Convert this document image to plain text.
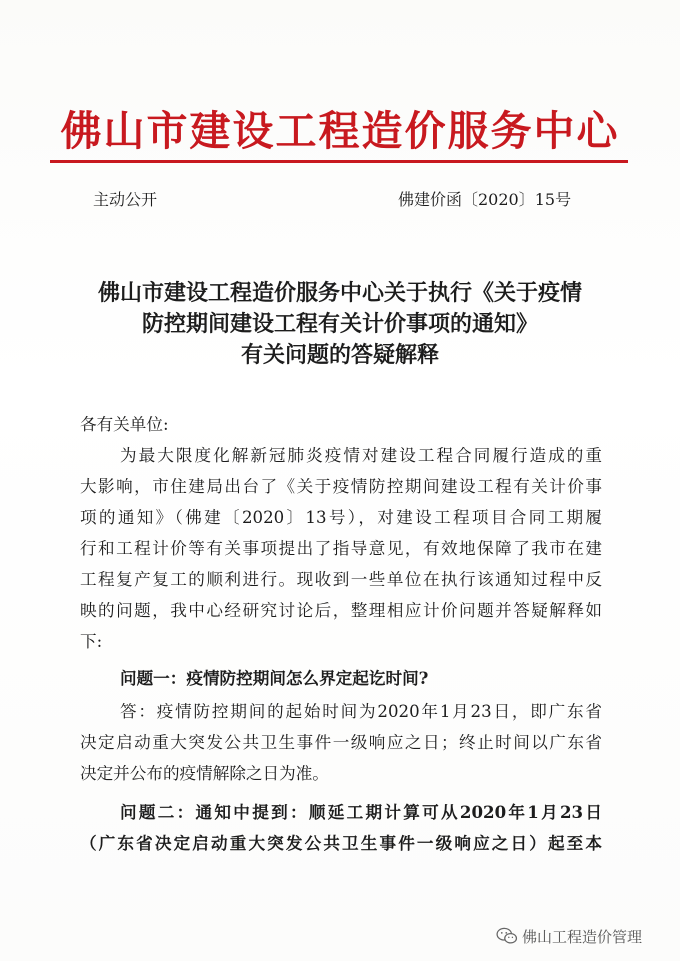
佛山市建设工程造价服务中心
主动公开	佛建价函〔2020〕15号
佛山市建设工程造价服务中心关于执行《关于疫情
防控期间建设工程有关计价事项的通知》
有关问题的答疑解释
各有关单位:
为最大限度化解新冠肺炎疫情对建设工程合同履行造成的重
大影响，市住建局出台了《关于疫情防控期间建设工程有关计价事
项的通知》（佛建〔2020〕13号），对建设工程项目合同工期履
行和工程计价等有关事项提出了指导意见，有效地保障了我市在建
工程复产复工的顺利进行。现收到一些单位在执行该通知过程中反
映的问题，我中心经研究讨论后，整理相应计价问题并答疑解释如
下:
问题一：疫情防控期间怎么界定起讫时间?
答：疫情防控期间的起始时间为2020年1月23日，即广东省
决定启动重大突发公共卫生事件一级响应之日；终止时间以广东省
决定并公布的疫情解除之日为准。
问题二：通知中提到：顺延工期计算可从2020年1月23日
（广东省决定启动重大突发公共卫生事件一级响应之日）起至本
佛山工程造价管理
